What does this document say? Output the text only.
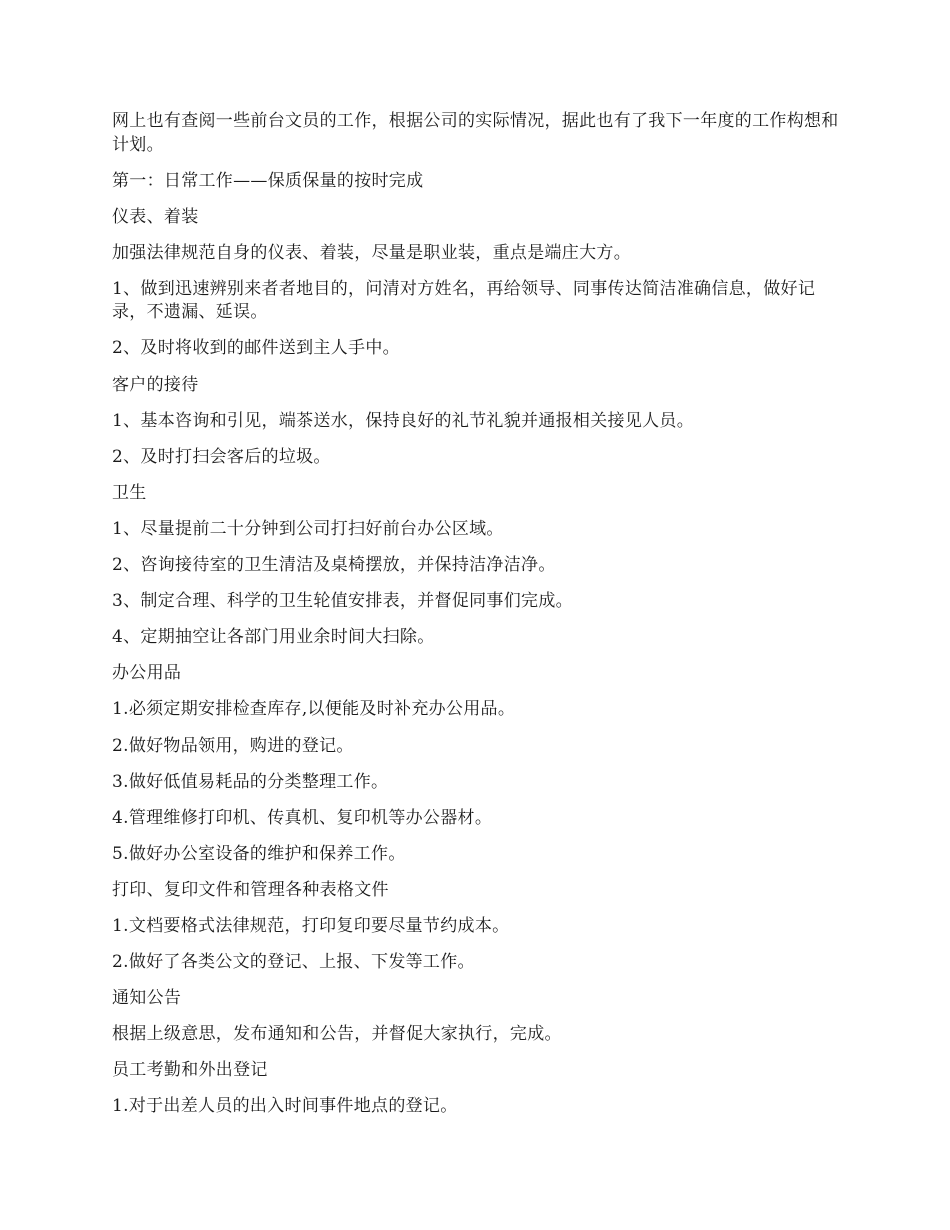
网上也有查阅一些前台文员的工作，根据公司的实际情况，据此也有了我下一年度的工作构想和计划。

第一：日常工作——保质保量的按时完成

仪表、着装

加强法律规范自身的仪表、着装，尽量是职业装，重点是端庄大方。

1、做到迅速辨别来者者地目的，问清对方姓名，再给领导、同事传达简洁准确信息，做好记录，不遗漏、延误。

2、及时将收到的邮件送到主人手中。

客户的接待

1、基本咨询和引见，端茶送水，保持良好的礼节礼貌并通报相关接见人员。

2、及时打扫会客后的垃圾。

卫生

1、尽量提前二十分钟到公司打扫好前台办公区域。

2、咨询接待室的卫生清洁及桌椅摆放，并保持洁净洁净。

3、制定合理、科学的卫生轮值安排表，并督促同事们完成。

4、定期抽空让各部门用业余时间大扫除。

办公用品

1.必须定期安排检查库存,以便能及时补充办公用品。

2.做好物品领用，购进的登记。

3.做好低值易耗品的分类整理工作。

4.管理维修打印机、传真机、复印机等办公器材。

5.做好办公室设备的维护和保养工作。

打印、复印文件和管理各种表格文件

1.文档要格式法律规范，打印复印要尽量节约成本。

2.做好了各类公文的登记、上报、下发等工作。

通知公告

根据上级意思，发布通知和公告，并督促大家执行，完成。

员工考勤和外出登记

1.对于出差人员的出入时间事件地点的登记。
